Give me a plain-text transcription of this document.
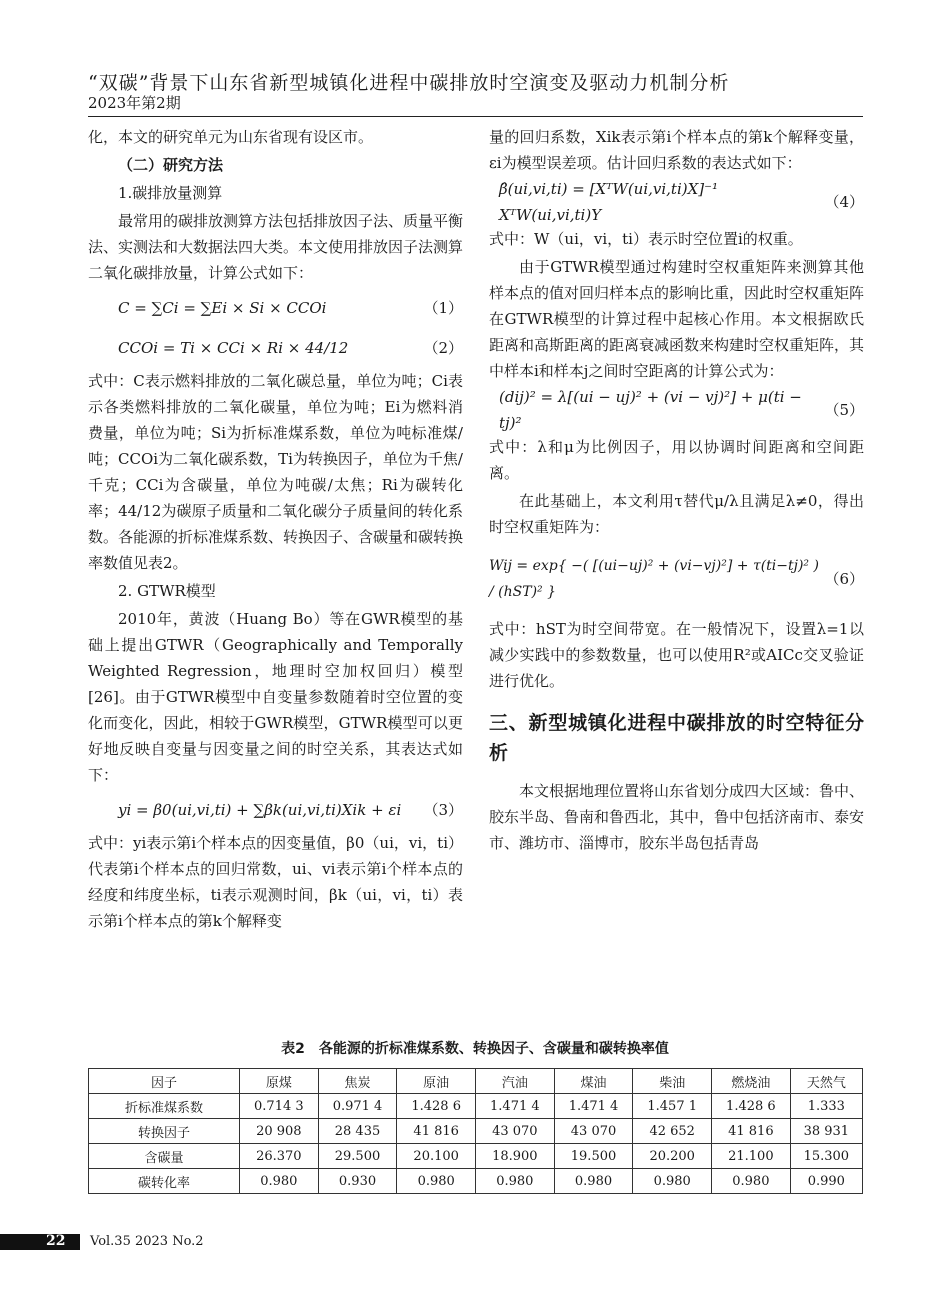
“双碳”背景下山东省新型城镇化进程中碳排放时空演变及驱动力机制分析
2023年第2期

化，本文的研究单元为山东省现有设区市。

（二）研究方法

1.碳排放量测算

最常用的碳排放测算方法包括排放因子法、质量平衡法、实测法和大数据法四大类。本文使用排放因子法测算二氧化碳排放量，计算公式如下：

C = ∑Ci = ∑Ei × Si × CCOi	（1）
CCOi = Ti × CCi × Ri × 44/12	（2）

式中：C表示燃料排放的二氧化碳总量，单位为吨；Ci表示各类燃料排放的二氧化碳量，单位为吨；Ei为燃料消费量，单位为吨；Si为折标准煤系数，单位为吨标准煤/吨；CCOi为二氧化碳系数，Ti为转换因子，单位为千焦/千克；CCi为含碳量，单位为吨碳/太焦；Ri为碳转化率；44/12为碳原子质量和二氧化碳分子质量间的转化系数。各能源的折标准煤系数、转换因子、含碳量和碳转换率数值见表2。

2. GTWR模型

2010年，黄波（Huang Bo）等在GWR模型的基础上提出GTWR（Geographically and Temporally Weighted Regression，地理时空加权回归）模型[26]。由于GTWR模型中自变量参数随着时空位置的变化而变化，因此，相较于GWR模型，GTWR模型可以更好地反映自变量与因变量之间的时空关系，其表达式如下：

yi = β0(ui,vi,ti) + ∑βk(ui,vi,ti)Xik + εi	（3）

式中：yi表示第i个样本点的因变量值，β0（ui，vi，ti）代表第i个样本点的回归常数，ui、vi表示第i个样本点的经度和纬度坐标，ti表示观测时间，βk（ui，vi，ti）表示第i个样本点的第k个解释变

量的回归系数，Xik表示第i个样本点的第k个解释变量，εi为模型误差项。估计回归系数的表达式如下：

β̂(ui,vi,ti) = [XᵀW(ui,vi,ti)X]⁻¹ XᵀW(ui,vi,ti)Y
（4）

式中：W（ui，vi，ti）表示时空位置i的权重。

由于GTWR模型通过构建时空权重矩阵来测算其他样本点的值对回归样本点的影响比重，因此时空权重矩阵在GTWR模型的计算过程中起核心作用。本文根据欧氏距离和高斯距离的距离衰减函数来构建时空权重矩阵，其中样本i和样本j之间时空距离的计算公式为：

(dij)² = λ[(ui − uj)² + (vi − vj)²] + μ(ti − tj)²
（5）

式中：λ和μ为比例因子，用以协调时间距离和空间距离。

在此基础上，本文利用τ替代μ/λ且满足λ≠0，得出时空权重矩阵为：

Wij = exp{ −( [(ui−uj)² + (vi−vj)²] + τ(ti−tj)² ) / (hST)² }
（6）

式中：hST为时空间带宽。在一般情况下，设置λ=1以减少实践中的参数数量，也可以使用R²或AICc交叉验证进行优化。

三、新型城镇化进程中碳排放的时空特征分析

本文根据地理位置将山东省划分成四大区域：鲁中、胶东半岛、鲁南和鲁西北，其中，鲁中包括济南市、泰安市、潍坊市、淄博市，胶东半岛包括青岛

表2　各能源的折标准煤系数、转换因子、含碳量和碳转换率值
因子	原煤	焦炭	原油	汽油	煤油	柴油	燃烧油	天然气
折标准煤系数	0.714 3	0.971 4	1.428 6	1.471 4	1.471 4	1.457 1	1.428 6	1.333
转换因子	20 908	28 435	41 816	43 070	43 070	42 652	41 816	38 931
含碳量	26.370	29.500	20.100	18.900	19.500	20.200	21.100	15.300
碳转化率	0.980	0.930	0.980	0.980	0.980	0.980	0.980	0.990
22 Vol.35 2023 No.2
